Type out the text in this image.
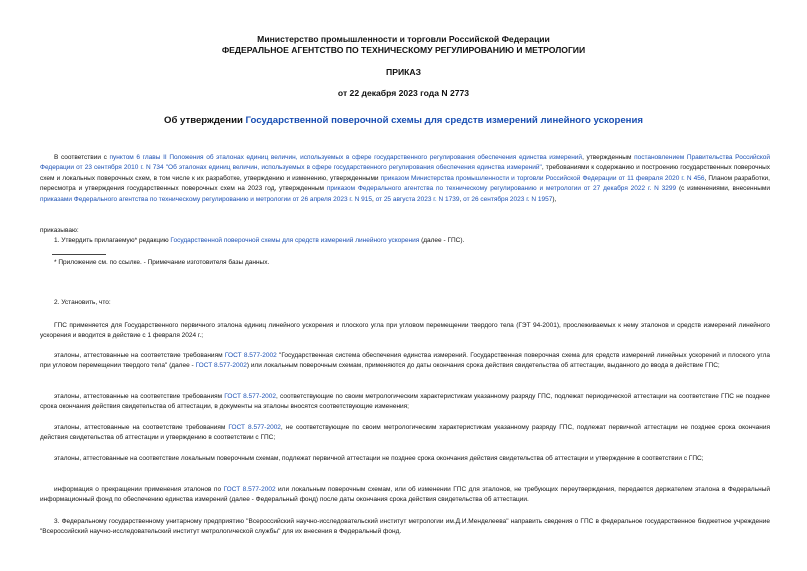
Министерство промышленности и торговли Российской Федерации
ФЕДЕРАЛЬНОЕ АГЕНТСТВО ПО ТЕХНИЧЕСКОМУ РЕГУЛИРОВАНИЮ И МЕТРОЛОГИИ
ПРИКАЗ
от 22 декабря 2023 года N 2773
Об утверждении Государственной поверочной схемы для средств измерений линейного ускорения

В соответствии с пунктом 6 главы II Положения об эталонах единиц величин, используемых в сфере государственного регулирования обеспечения единства измерений, утвержденным постановлением Правительства Российской Федерации от 23 сентября 2010 г. N 734 "Об эталонах единиц величин, используемых в сфере государственного регулирования обеспечения единства измерений", требованиями к содержанию и построению государственных поверочных схем и локальных поверочных схем, в том числе к их разработке, утверждению и изменению, утвержденными приказом Министерства промышленности и торговли Российской Федерации от 11 февраля 2020 г. N 456, Планом разработки, пересмотра и утверждения государственных поверочных схем на 2023 год, утвержденным приказом Федерального агентства по техническому регулированию и метрологии от 27 декабря 2022 г. N 3299 (с изменениями, внесенными приказами Федерального агентства по техническому регулированию и метрологии от 26 апреля 2023 г. N 915, от 25 августа 2023 г. N 1739, от 26 сентября 2023 г. N 1957),

приказываю:

1. Утвердить прилагаемую* редакцию Государственной поверочной схемы для средств измерений линейного ускорения (далее - ГПС).

* Приложение см. по ссылке. - Примечание изготовителя базы данных.

2. Установить, что:

ГПС применяется для Государственного первичного эталона единиц линейного ускорения и плоского угла при угловом перемещении твердого тела (ГЭТ 94-2001), прослеживаемых к нему эталонов и средств измерений линейного ускорения и вводится в действие с 1 февраля 2024 г.;

эталоны, аттестованные на соответствие требованиям ГОСТ 8.577-2002 "Государственная система обеспечения единства измерений. Государственная поверочная схема для средств измерений линейных ускорений и плоского угла при угловом перемещении твердого тела" (далее - ГОСТ 8.577-2002) или локальным поверочным схемам, применяются до даты окончания срока действия свидетельства об аттестации, выданного до ввода в действие ГПС;

эталоны, аттестованные на соответствие требованиям ГОСТ 8.577-2002, соответствующие по своим метрологическим характеристикам указанному разряду ГПС, подлежат периодической аттестации на соответствие ГПС не позднее срока окончания действия свидетельства об аттестации, в документы на эталоны вносятся соответствующие изменения;

эталоны, аттестованные на соответствие требованиям ГОСТ 8.577-2002, не соответствующие по своим метрологическим характеристикам указанному разряду ГПС, подлежат первичной аттестации не позднее срока окончания действия свидетельства об аттестации и утверждению в соответствии с ГПС;

эталоны, аттестованные на соответствие локальным поверочным схемам, подлежат первичной аттестации не позднее срока окончания действия свидетельства об аттестации и утверждение в соответствии с ГПС;

информация о прекращении применения эталонов по ГОСТ 8.577-2002 или локальным поверочным схемам, или об изменении ГПС для эталонов, не требующих переутверждения, передается держателем эталона в Федеральный информационный фонд по обеспечению единства измерений (далее - Федеральный фонд) после даты окончания срока действия свидетельства об аттестации.

3. Федеральному государственному унитарному предприятию "Всероссийский научно-исследовательский институт метрологии им.Д.И.Менделеева" направить сведения о ГПС в федеральное государственное бюджетное учреждение "Всероссийский научно-исследовательский институт метрологической службы" для их внесения в Федеральный фонд.
